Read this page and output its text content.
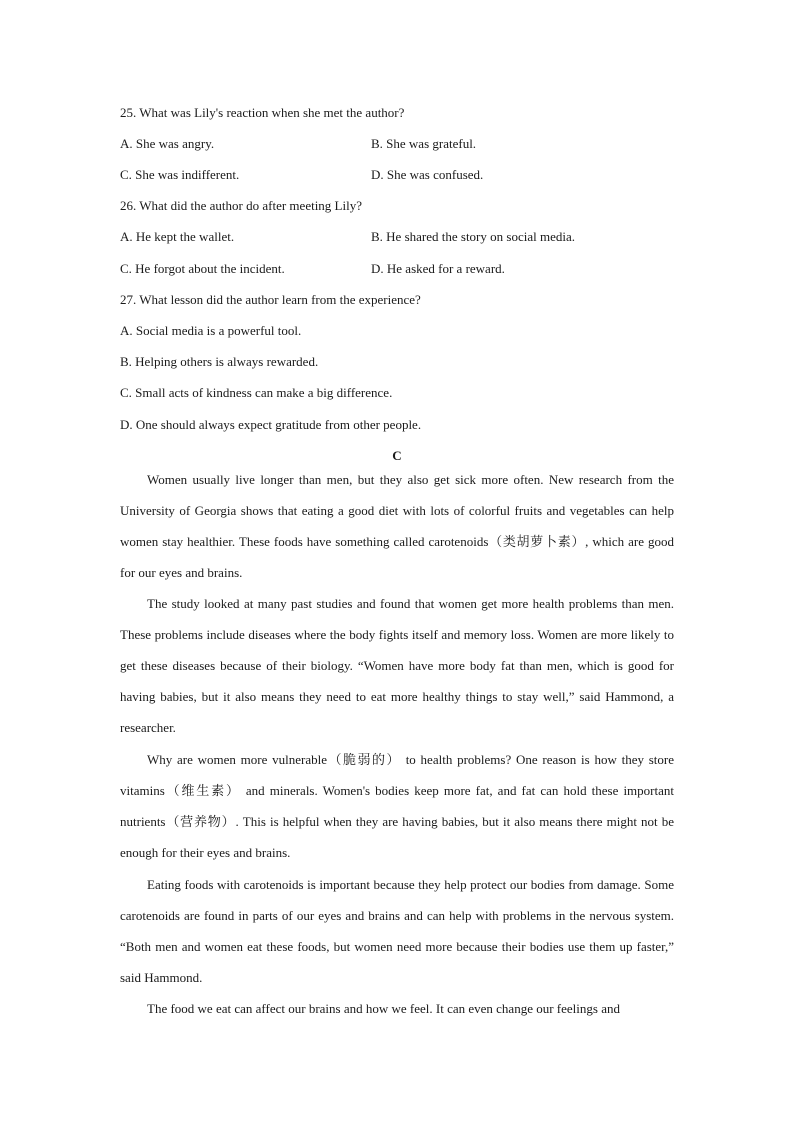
25. What was Lily's reaction when she met the author?
A. She was angry.	B. She was grateful.
C. She was indifferent.	D. She was confused.
26. What did the author do after meeting Lily?
A. He kept the wallet.	B. He shared the story on social media.
C. He forgot about the incident.	D. He asked for a reward.
27. What lesson did the author learn from the experience?
A. Social media is a powerful tool.
B. Helping others is always rewarded.
C. Small acts of kindness can make a big difference.
D. One should always expect gratitude from other people.
C

Women usually live longer than men, but they also get sick more often. New research from the University of Georgia shows that eating a good diet with lots of colorful fruits and vegetables can help women stay healthier. These foods have something called carotenoids（类胡萝卜素）, which are good for our eyes and brains.

The study looked at many past studies and found that women get more health problems than men. These problems include diseases where the body fights itself and memory loss. Women are more likely to get these diseases because of their biology. “Women have more body fat than men, which is good for having babies, but it also means they need to eat more healthy things to stay well,” said Hammond, a researcher.

Why are women more vulnerable（脆弱的） to health problems? One reason is how they store vitamins（维生素） and minerals. Women's bodies keep more fat, and fat can hold these important nutrients（营养物）. This is helpful when they are having babies, but it also means there might not be enough for their eyes and brains.

Eating foods with carotenoids is important because they help protect our bodies from damage. Some carotenoids are found in parts of our eyes and brains and can help with problems in the nervous system. “Both men and women eat these foods, but women need more because their bodies use them up faster,” said Hammond.

The food we eat can affect our brains and how we feel. It can even change our feelings and
